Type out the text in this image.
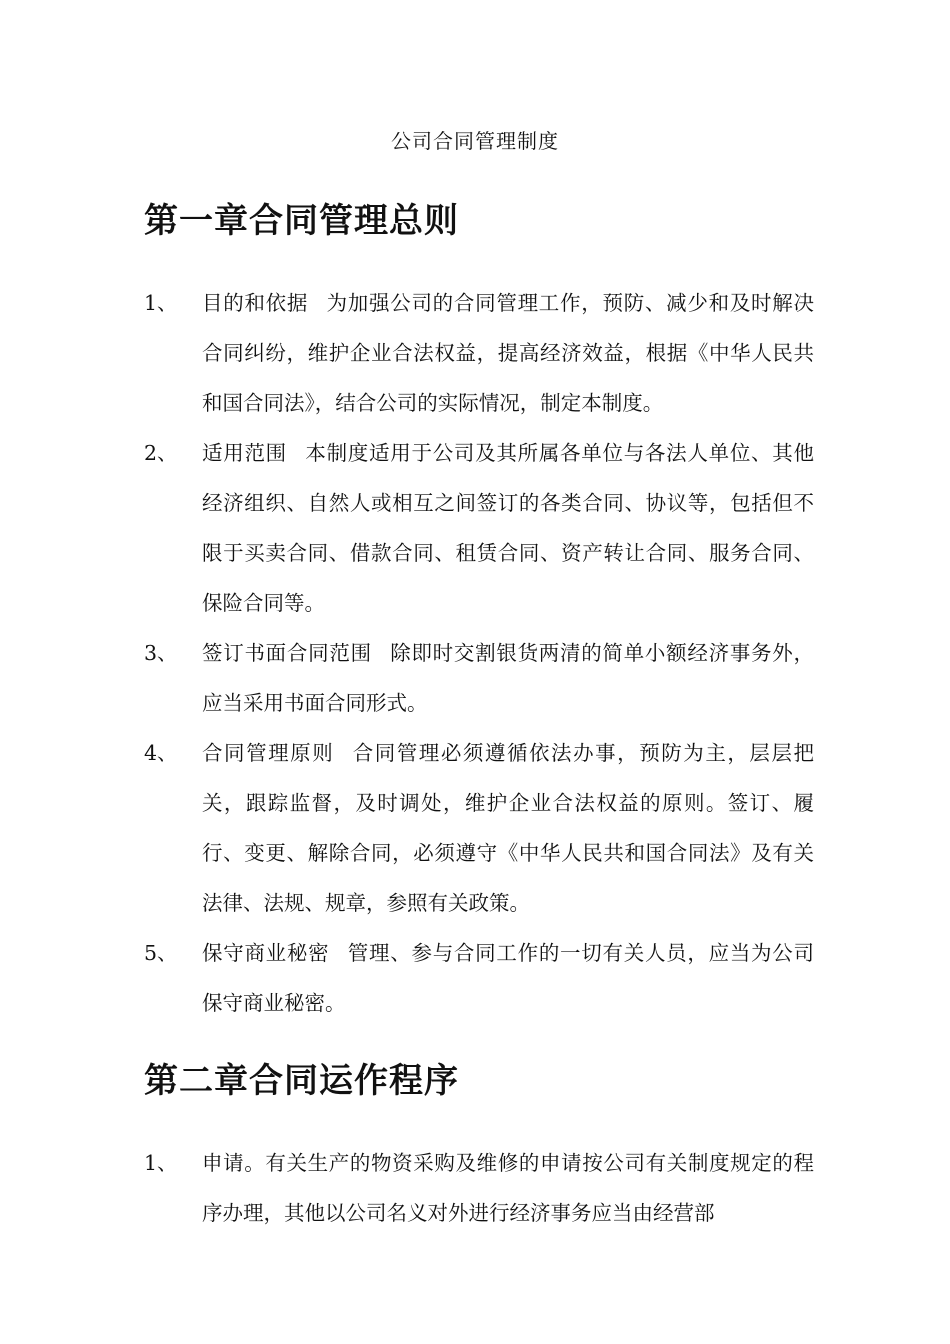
公司合同管理制度
第一章合同管理总则
1、	目的和依据 为加强公司的合同管理工作，预防、减少和及时解决合同纠纷，维护企业合法权益，提高经济效益，根据《中华人民共和国合同法》，结合公司的实际情况，制定本制度。
2、	适用范围 本制度适用于公司及其所属各单位与各法人单位、其他经济组织、自然人或相互之间签订的各类合同、协议等，包括但不限于买卖合同、借款合同、租赁合同、资产转让合同、服务合同、保险合同等。
3、	签订书面合同范围 除即时交割银货两清的简单小额经济事务外，应当采用书面合同形式。
4、	合同管理原则 合同管理必须遵循依法办事，预防为主，层层把关，跟踪监督，及时调处，维护企业合法权益的原则。签订、履行、变更、解除合同，必须遵守《中华人民共和国合同法》及有关法律、法规、规章，参照有关政策。
5、	保守商业秘密 管理、参与合同工作的一切有关人员，应当为公司保守商业秘密。
第二章合同运作程序
1、	申请。有关生产的物资采购及维修的申请按公司有关制度规定的程序办理，其他以公司名义对外进行经济事务应当由经营部
